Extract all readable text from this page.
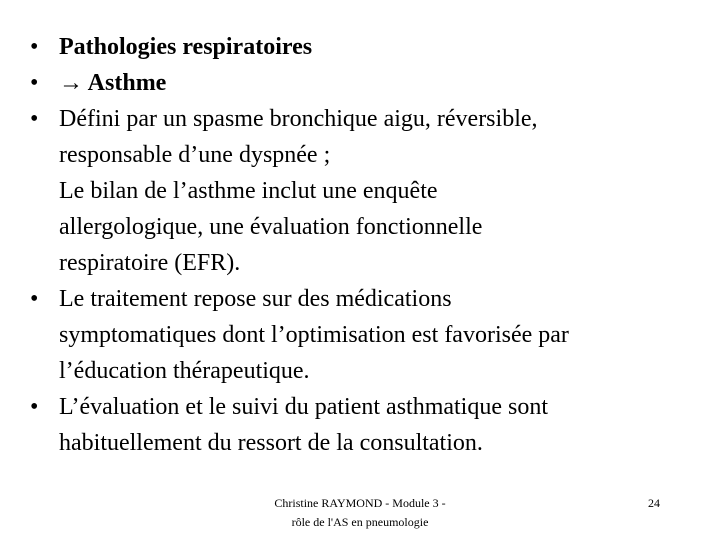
• Pathologies respiratoires
• → Asthme
• Défini par un spasme bronchique aigu, réversible,
responsable d’une dyspnée ;
Le bilan de l’asthme inclut une enquête
allergologique, une évaluation fonctionnelle
respiratoire (EFR).
• Le traitement repose sur des médications
symptomatiques dont l’optimisation est favorisée par
l’éducation thérapeutique.
• L’évaluation et le suivi du patient asthmatique sont
habituellement du ressort de la consultation.
Christine RAYMOND - Module 3 -
rôle de l'AS en pneumologie
24
